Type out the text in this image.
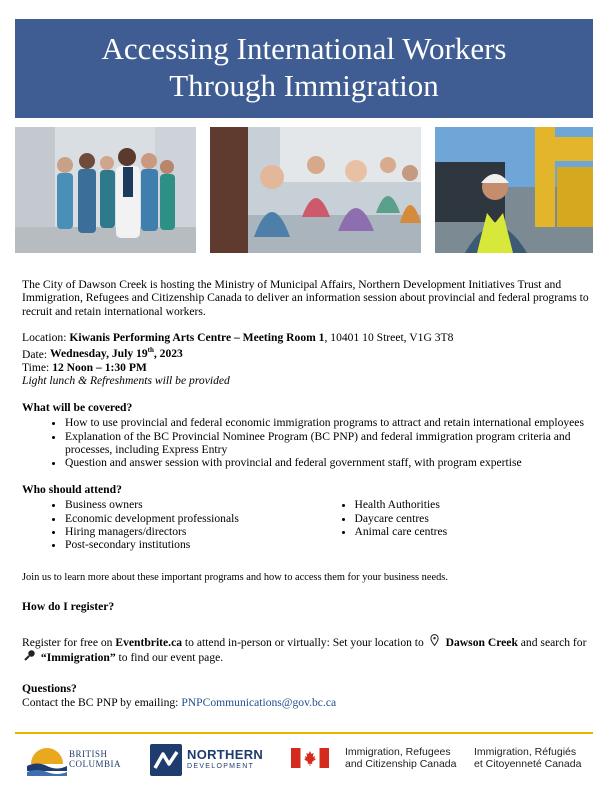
Accessing International Workers
Through Immigration

The City of Dawson Creek is hosting the Ministry of Municipal Affairs, Northern Development Initiatives Trust and Immigration, Refugees and Citizenship Canada to deliver an information session about provincial and federal programs to recruit and retain international workers.

Location: Kiwanis Performing Arts Centre – Meeting Room 1, 10401 10 Street, V1G 3T8
Date: Wednesday, July 19th, 2023
Time: 12 Noon – 1:30 PM
Light lunch & Refreshments will be provided
What will be covered?
• How to use provincial and federal economic immigration programs to attract and retain international employees
• Explanation of the BC Provincial Nominee Program (BC PNP) and federal immigration program criteria and processes, including Express Entry
• Question and answer session with provincial and federal government staff, with program expertise
Who should attend?
• Business owners
• Economic development professionals
• Hiring managers/directors
• Post-secondary institutions
• Health Authorities
• Daycare centres
• Animal care centres

Join us to learn more about these important programs and how to access them for your business needs.

How do I register?
Register for free on Eventbrite.ca to attend in-person or virtually: Set your location to  Dawson Creek and search for  “Immigration” to find our event page.
Questions?
Contact the BC PNP by emailing: PNPCommunications@gov.bc.ca
BRITISH
COLUMBIA
NORTHERN
DEVELOPMENT
Immigration, Refugees
and Citizenship Canada
Immigration, Réfugiés
et Citoyenneté Canada
